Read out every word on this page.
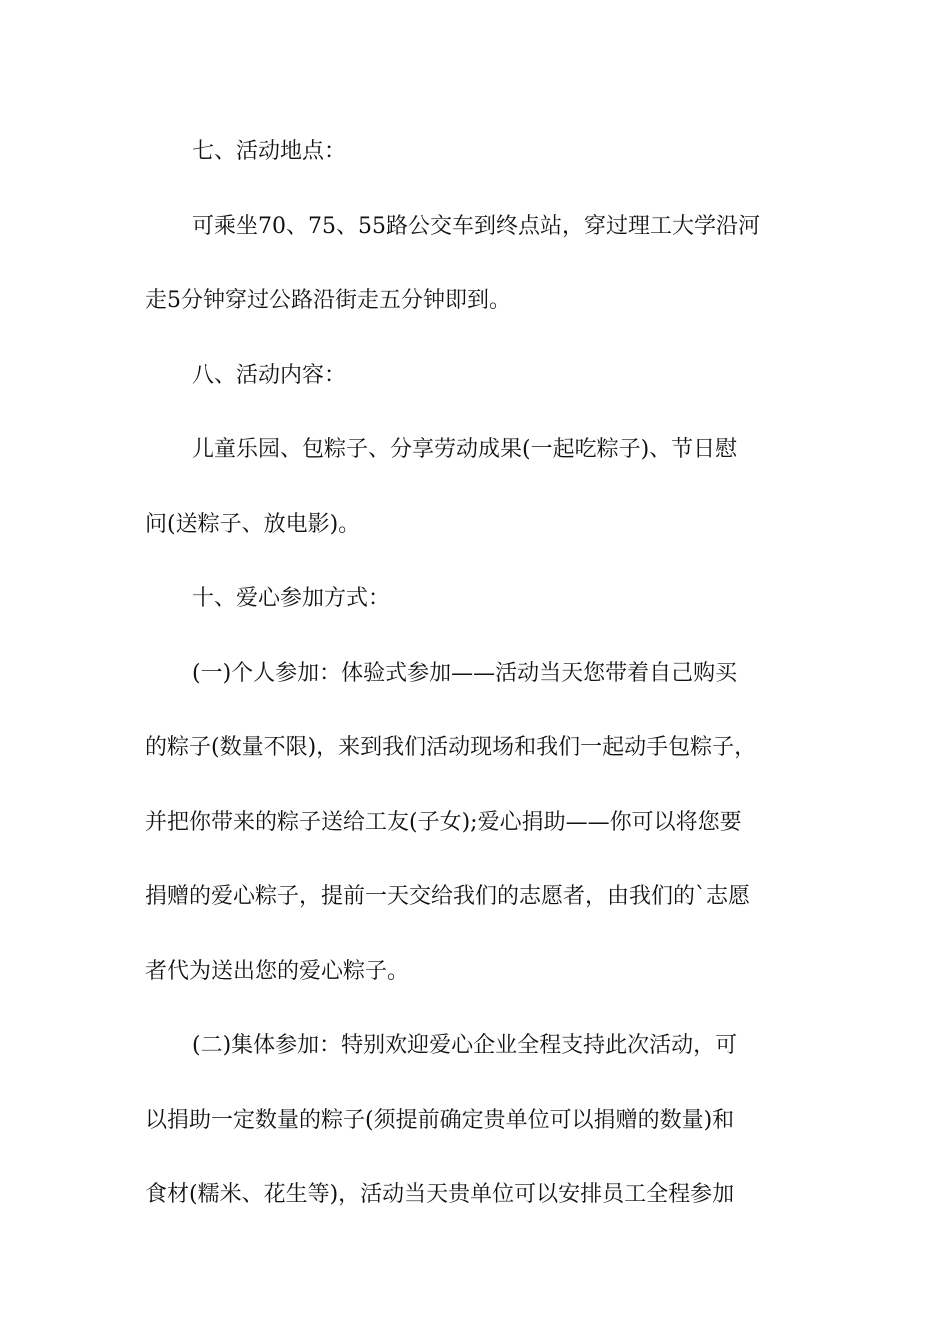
七、活动地点：
可乘坐70、75、55路公交车到终点站，穿过理工大学沿河
走5分钟穿过公路沿街走五分钟即到。
八、活动内容：
儿童乐园、包粽子、分享劳动成果(一起吃粽子)、节日慰
问(送粽子、放电影)。
十、爱心参加方式：
(一)个人参加：体验式参加——活动当天您带着自己购买
的粽子(数量不限)，来到我们活动现场和我们一起动手包粽子，
并把你带来的粽子送给工友(子女);爱心捐助——你可以将您要
捐赠的爱心粽子，提前一天交给我们的志愿者，由我们的`志愿
者代为送出您的爱心粽子。
(二)集体参加：特别欢迎爱心企业全程支持此次活动，可
以捐助一定数量的粽子(须提前确定贵单位可以捐赠的数量)和
食材(糯米、花生等)，活动当天贵单位可以安排员工全程参加
